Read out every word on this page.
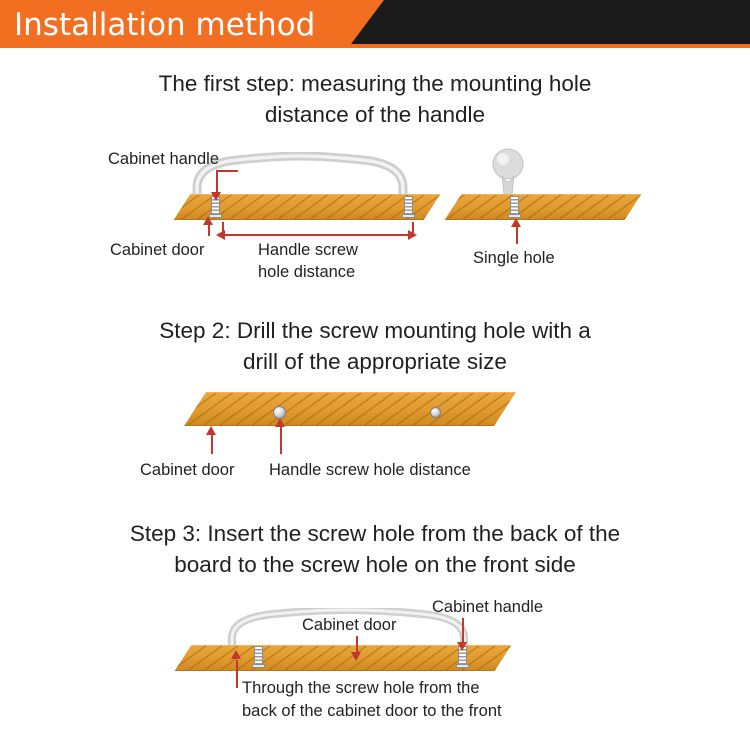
Installation method
The first step: measuring the mounting hole
distance of the handle
Cabinet handle
Cabinet door	Handle screw
hole distance
Single hole
Step 2: Drill the screw mounting hole with a
drill of the appropriate size
Cabinet door Handle screw hole distance
Step 3: Insert the screw hole from the back of the
board to the screw hole on the front side
Cabinet door
Cabinet handle
Through the screw hole from the
back of the cabinet door to the front
